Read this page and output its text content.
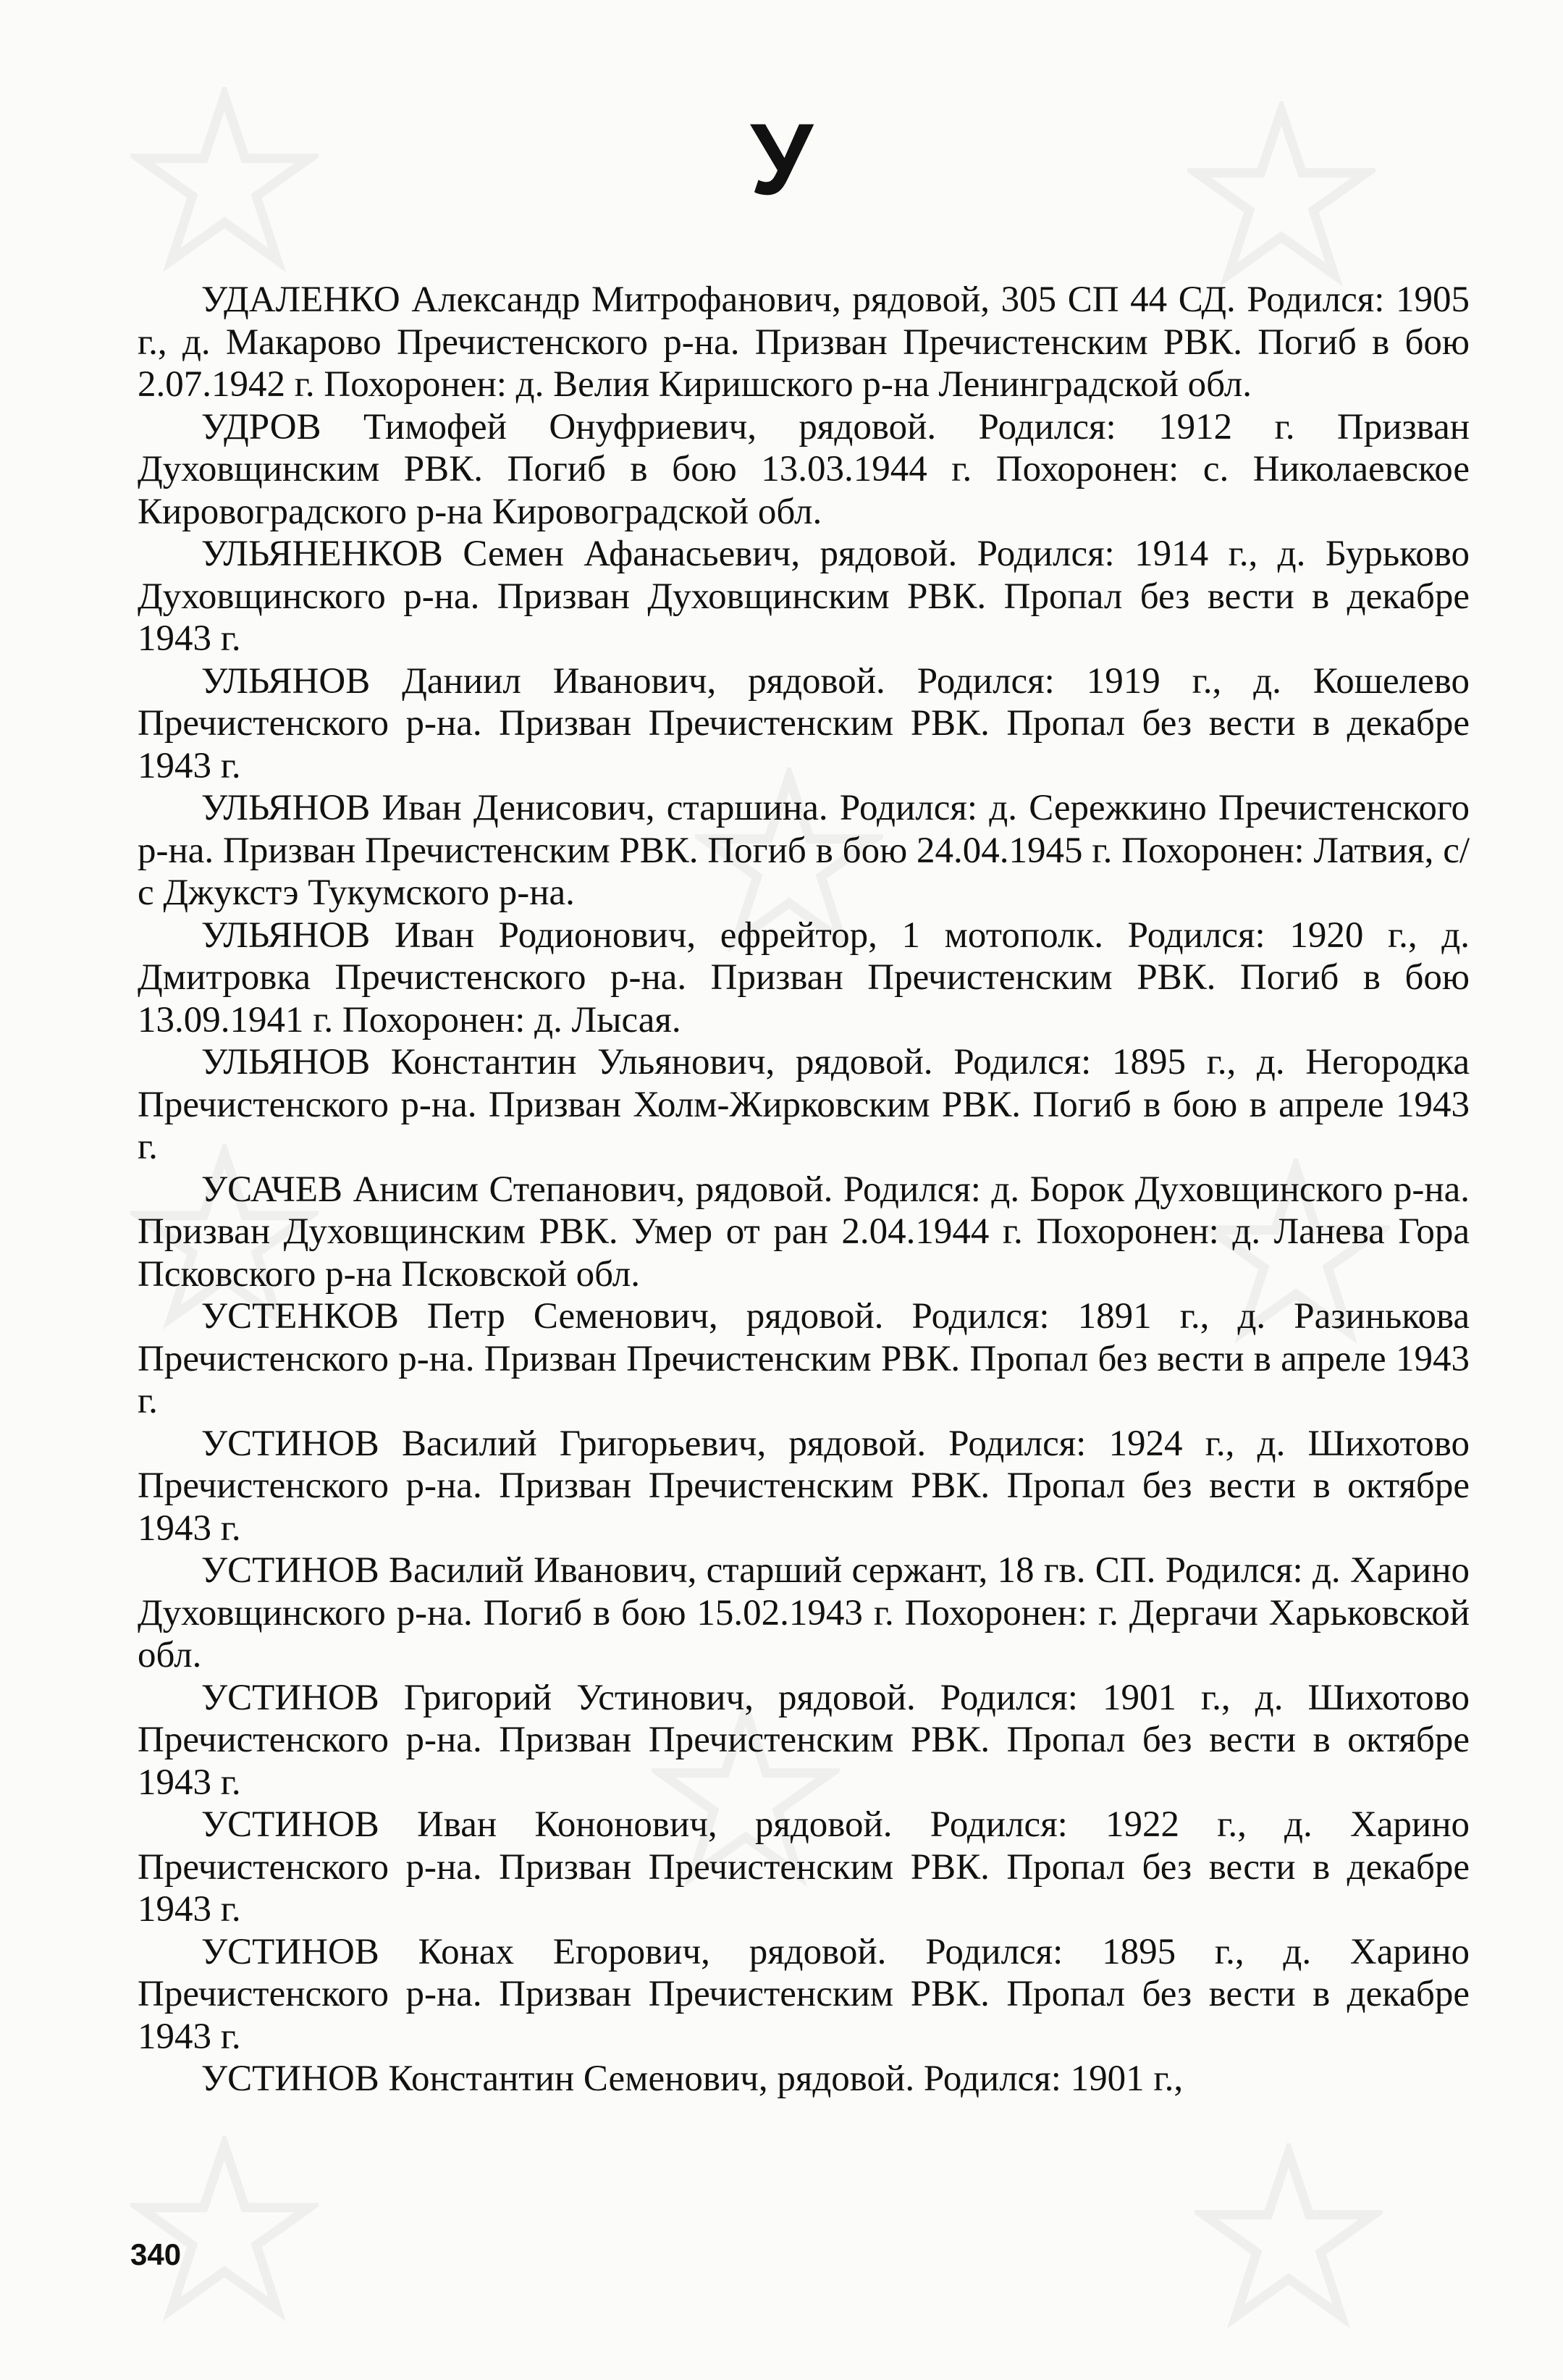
У

УДАЛЕНКО Александр Митрофанович, рядовой, 305 СП 44 СД. Родился: 1905 г., д. Макарово Пречистенского р-на. Призван Пречистенским РВК. Погиб в бою 2.07.1942 г. Похоронен: д. Велия Киришского р-на Ленинградской обл.

УДРОВ Тимофей Онуфриевич, рядовой. Родился: 1912 г. Призван Духовщинским РВК. Погиб в бою 13.03.1944 г. Похоронен: с. Николаевское Кировоградского р-на Кировоградской обл.

УЛЬЯНЕНКОВ Семен Афанасьевич, рядовой. Родился: 1914 г., д. Бурьково Духовщинского р-на. Призван Духовщинским РВК. Пропал без вести в декабре 1943 г.

УЛЬЯНОВ Даниил Иванович, рядовой. Родился: 1919 г., д. Кошелево Пречистенского р-на. Призван Пречистенским РВК. Пропал без вести в декабре 1943 г.

УЛЬЯНОВ Иван Денисович, старшина. Родился: д. Сережкино Пречистенского р-на. Призван Пречистенским РВК. Погиб в бою 24.04.1945 г. Похоронен: Латвия, с/с Джукстэ Тукумского р-на.

УЛЬЯНОВ Иван Родионович, ефрейтор, 1 мотополк. Родился: 1920 г., д. Дмитровка Пречистенского р-на. Призван Пречистенским РВК. Погиб в бою 13.09.1941 г. Похоронен: д. Лысая.

УЛЬЯНОВ Константин Ульянович, рядовой. Родился: 1895 г., д. Негородка Пречистенского р-на. Призван Холм-Жирковским РВК. Погиб в бою в апреле 1943 г.

УСАЧЕВ Анисим Степанович, рядовой. Родился: д. Борок Духовщинского р-на. Призван Духовщинским РВК. Умер от ран 2.04.1944 г. Похоронен: д. Ланева Гора Псковского р-на Псковской обл.

УСТЕНКОВ Петр Семенович, рядовой. Родился: 1891 г., д. Разинькова Пречистенского р-на. Призван Пречистенским РВК. Пропал без вести в апреле 1943 г.

УСТИНОВ Василий Григорьевич, рядовой. Родился: 1924 г., д. Шихотово Пречистенского р-на. Призван Пречистенским РВК. Пропал без вести в октябре 1943 г.

УСТИНОВ Василий Иванович, старший сержант, 18 гв. СП. Родился: д. Харино Духовщинского р-на. Погиб в бою 15.02.1943 г. Похоронен: г. Дергачи Харьковской обл.

УСТИНОВ Григорий Устинович, рядовой. Родился: 1901 г., д. Шихотово Пречистенского р-на. Призван Пречистенским РВК. Пропал без вести в октябре 1943 г.

УСТИНОВ Иван Кононович, рядовой. Родился: 1922 г., д. Харино Пречистенского р-на. Призван Пречистенским РВК. Пропал без вести в декабре 1943 г.

УСТИНОВ Конах Егорович, рядовой. Родился: 1895 г., д. Харино Пречистенского р-на. Призван Пречистенским РВК. Пропал без вести в декабре 1943 г.

УСТИНОВ Константин Семенович, рядовой. Родился: 1901 г.,

340
